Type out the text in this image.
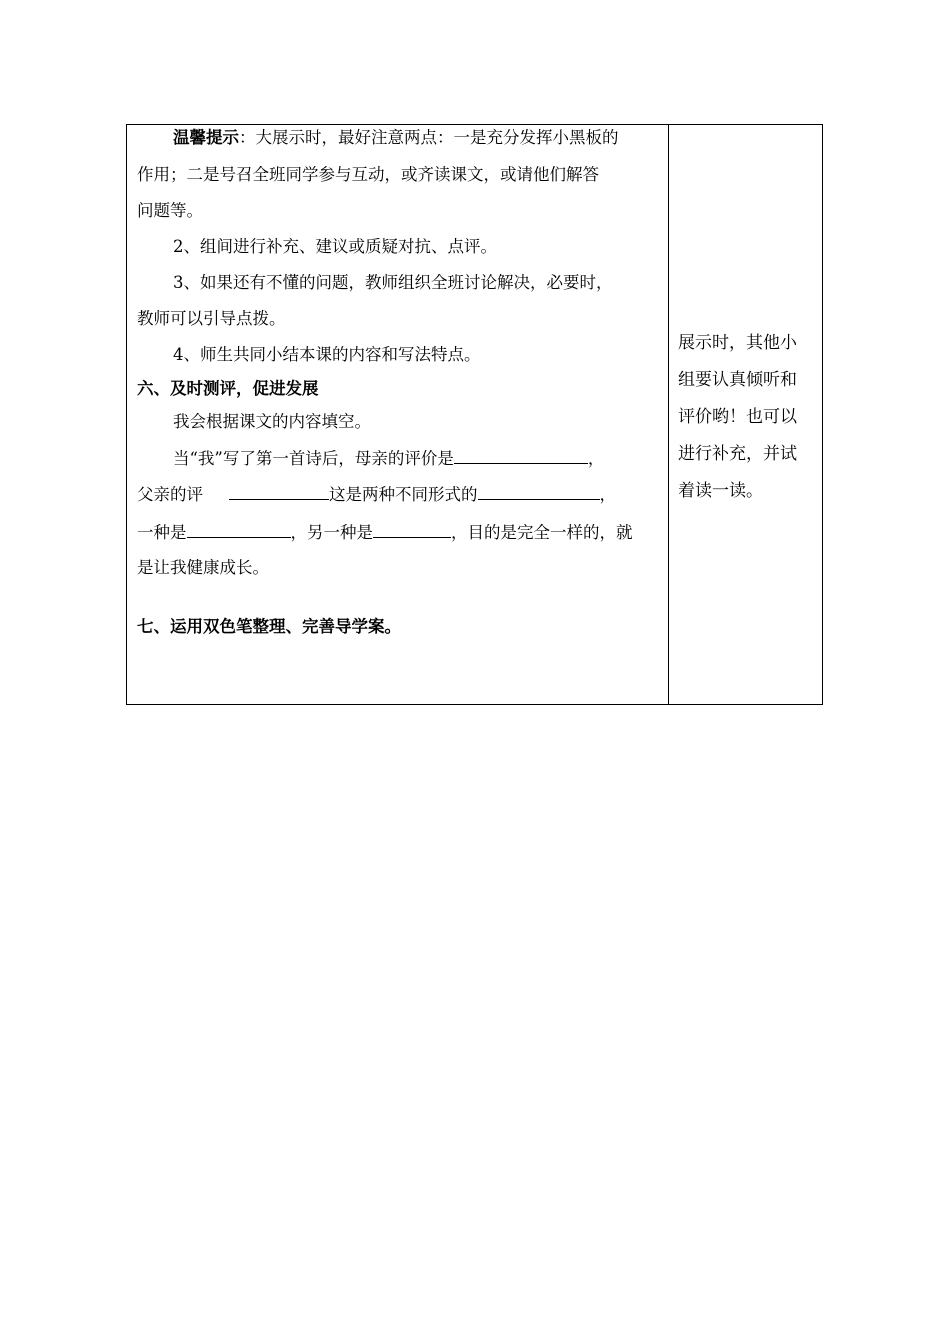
温馨提示：大展示时，最好注意两点：一是充分发挥小黑板的
作用；二是号召全班同学参与互动，或齐读课文，或请他们解答
问题等。
2、组间进行补充、建议或质疑对抗、点评。
3、如果还有不懂的问题，教师组织全班讨论解决，必要时，
教师可以引导点拨。
4、师生共同小结本课的内容和写法特点。
六、及时测评，促进发展
我会根据课文的内容填空。
当“我”写了第一首诗后，母亲的评价是	，
父亲的评	这是两种不同形式的	，
一种是	，另一种是	，目的是完全一样的，就
是让我健康成长。
七、运用双色笔整理、完善导学案。
展示时，其他小
组要认真倾听和
评价哟！也可以
进行补充，并试
着读一读。
